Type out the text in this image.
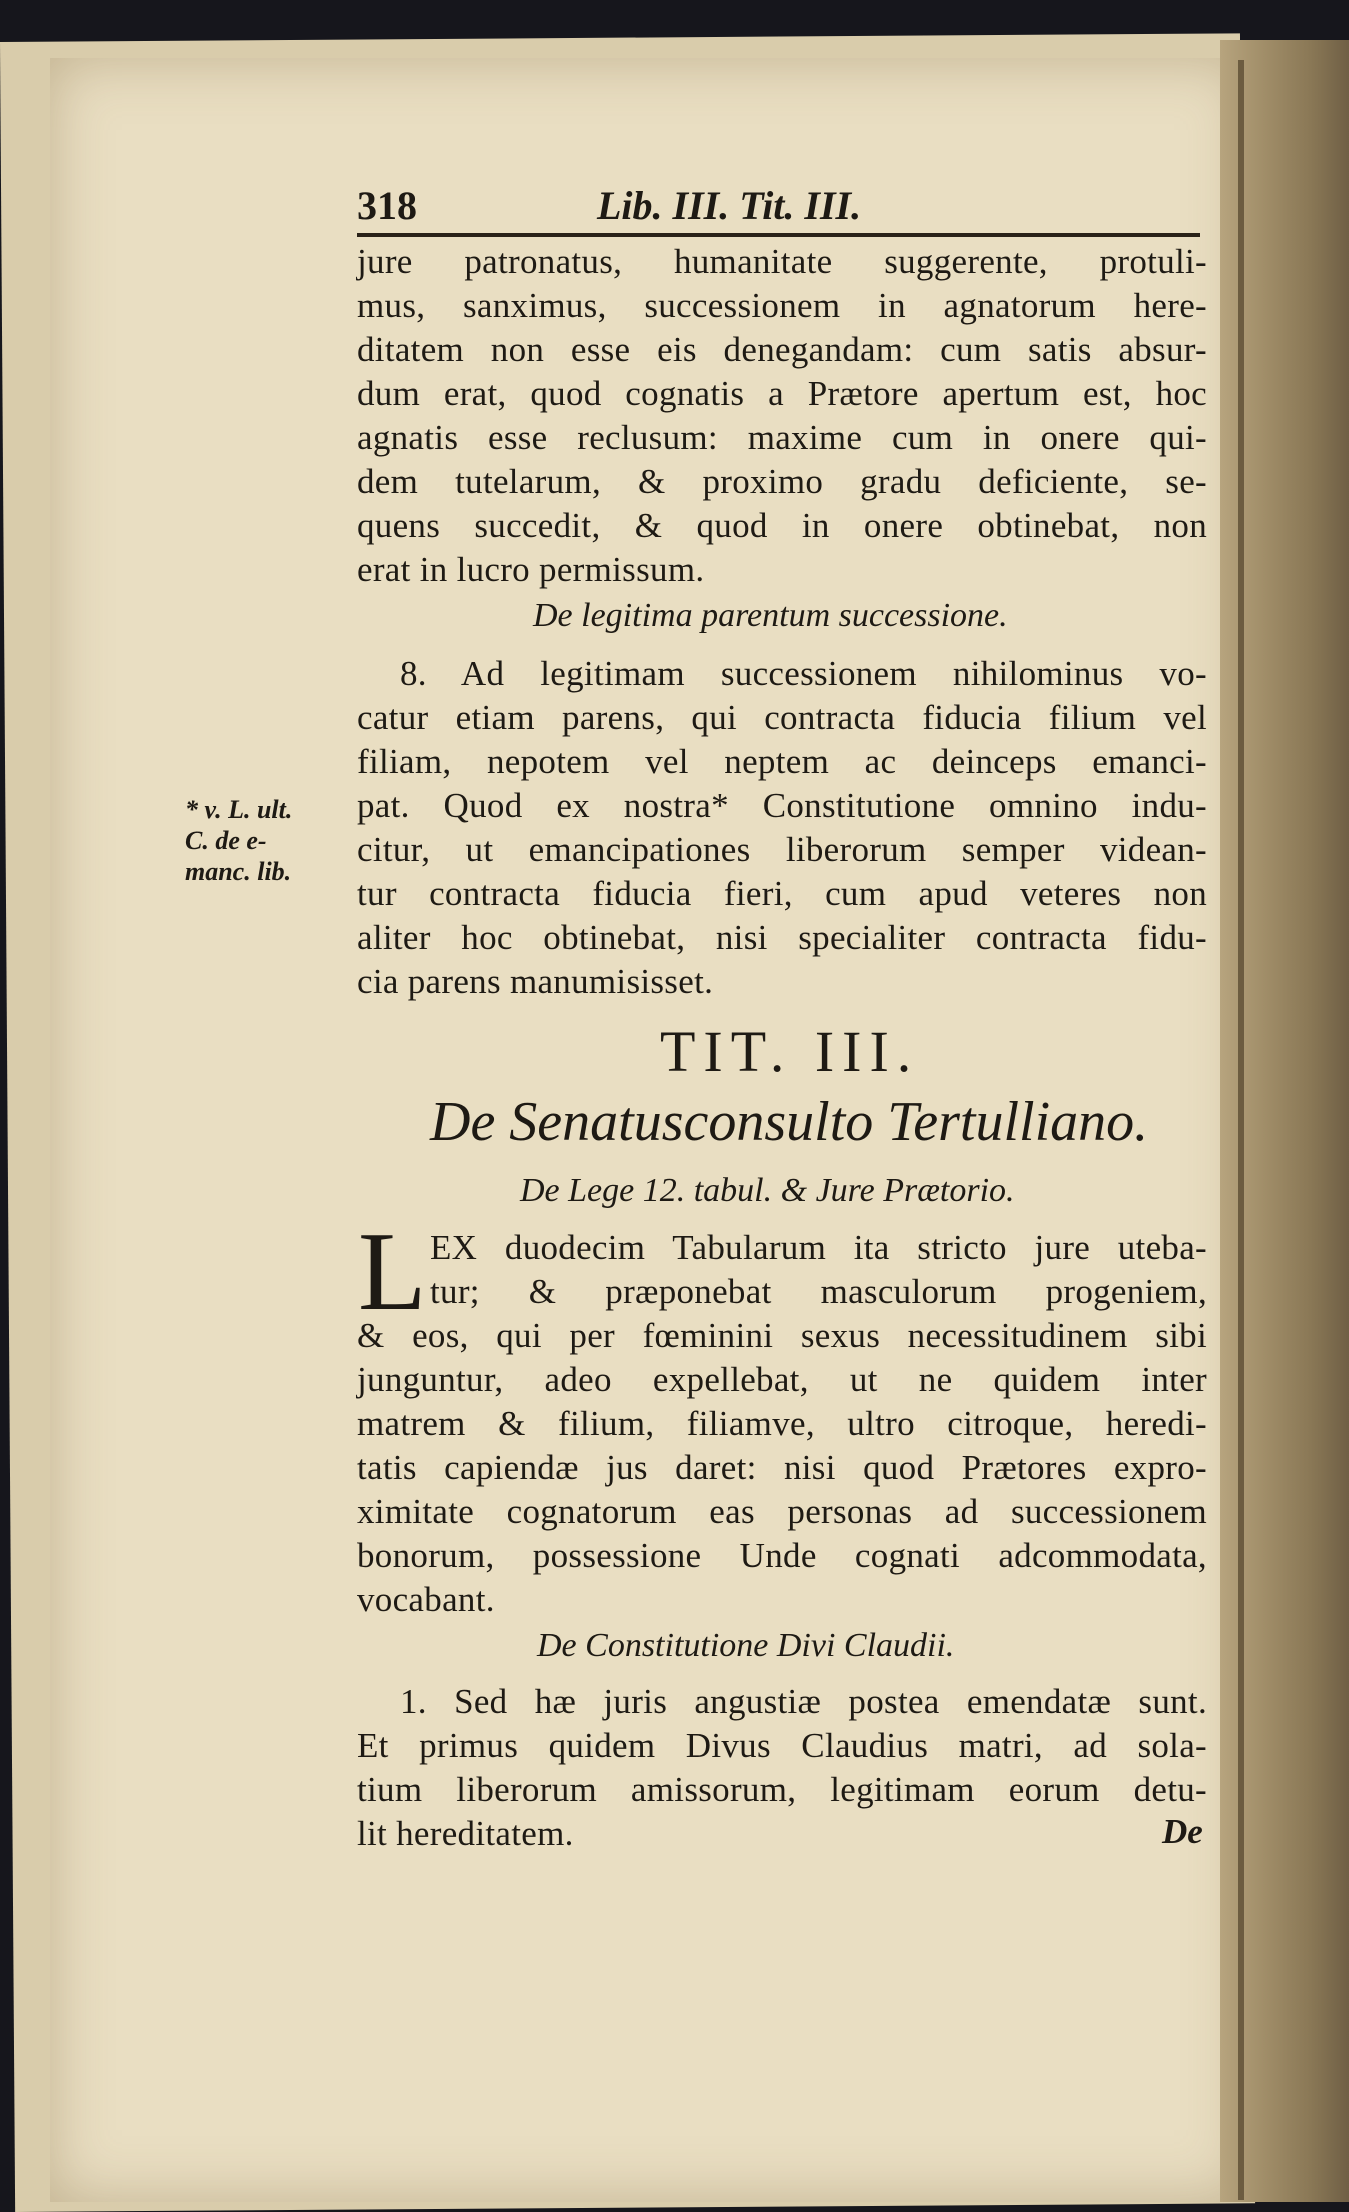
318	Lib. III. Tit. III.
jure patronatus, humanitate suggerente, protuli-
mus, sanximus, successionem in agnatorum here-
ditatem non esse eis denegandam: cum satis absur-
dum erat, quod cognatis a Prætore apertum est, hoc
agnatis esse reclusum: maxime cum in onere qui-
dem tutelarum, & proximo gradu deficiente, se-
quens succedit, & quod in onere obtinebat, non
erat in lucro permissum.
De legitima parentum successione.
8. Ad legitimam successionem nihilominus vo-
catur etiam parens, qui contracta fiducia filium vel
filiam, nepotem vel neptem ac deinceps emanci-
pat. Quod ex nostra* Constitutione omnino indu-
citur, ut emancipationes liberorum semper videan-
tur contracta fiducia fieri, cum apud veteres non
aliter hoc obtinebat, nisi specialiter contracta fidu-
cia parens manumisisset.
* v. L. ult.
C. de e-
manc. lib.
TIT. III.
De Senatusconsulto Tertulliano.
De Lege 12. tabul. & Jure Prætorio.
L EX duodecim Tabularum ita stricto jure uteba-
tur; & præponebat masculorum progeniem,
& eos, qui per fœminini sexus necessitudinem sibi
junguntur, adeo expellebat, ut ne quidem inter
matrem & filium, filiamve, ultro citroque, heredi-
tatis capiendæ jus daret: nisi quod Prætores expro-
ximitate cognatorum eas personas ad successionem
bonorum, possessione Unde cognati adcommodata,
vocabant.
De Constitutione Divi Claudii.
1. Sed hæ juris angustiæ postea emendatæ sunt.
Et primus quidem Divus Claudius matri, ad sola-
tium liberorum amissorum, legitimam eorum detu-
lit hereditatem.	De
